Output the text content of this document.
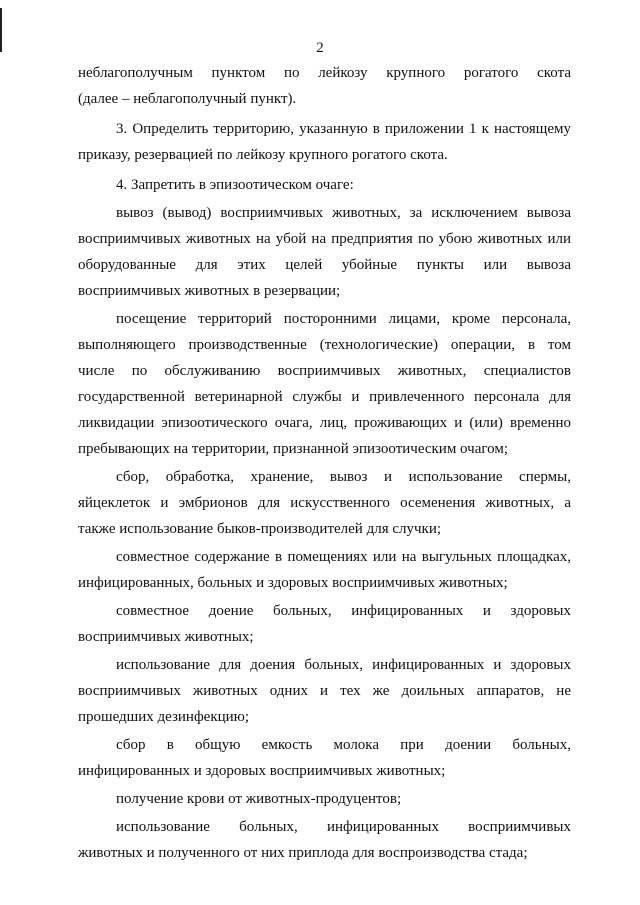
2

неблагополучным пунктом по лейкозу крупного рогатого скота
(далее – неблагополучный пункт).

3. Определить территорию, указанную в приложении 1 к настоящему
приказу, резервацией по лейкозу крупного рогатого скота.

4. Запретить в эпизоотическом очаге:

вывоз (вывод) восприимчивых животных, за исключением вывоза
восприимчивых животных на убой на предприятия по убою животных или
оборудованные для этих целей убойные пункты или вывоза
восприимчивых животных в резервации;

посещение территорий посторонними лицами, кроме персонала,
выполняющего производственные (технологические) операции, в том
числе по обслуживанию восприимчивых животных, специалистов
государственной ветеринарной службы и привлеченного персонала для
ликвидации эпизоотического очага, лиц, проживающих и (или) временно
пребывающих на территории, признанной эпизоотическим очагом;

сбор, обработка, хранение, вывоз и использование спермы,
яйцеклеток и эмбрионов для искусственного осеменения животных, а
также использование быков-производителей для случки;

совместное содержание в помещениях или на выгульных площадках,
инфицированных, больных и здоровых восприимчивых животных;

совместное доение больных, инфицированных и здоровых
восприимчивых животных;

использование для доения больных, инфицированных и здоровых
восприимчивых животных одних и тех же доильных аппаратов, не
прошедших дезинфекцию;

сбор в общую емкость молока при доении больных,
инфицированных и здоровых восприимчивых животных;

получение крови от животных-продуцентов;

использование больных, инфицированных восприимчивых
животных и полученного от них приплода для воспроизводства стада;
